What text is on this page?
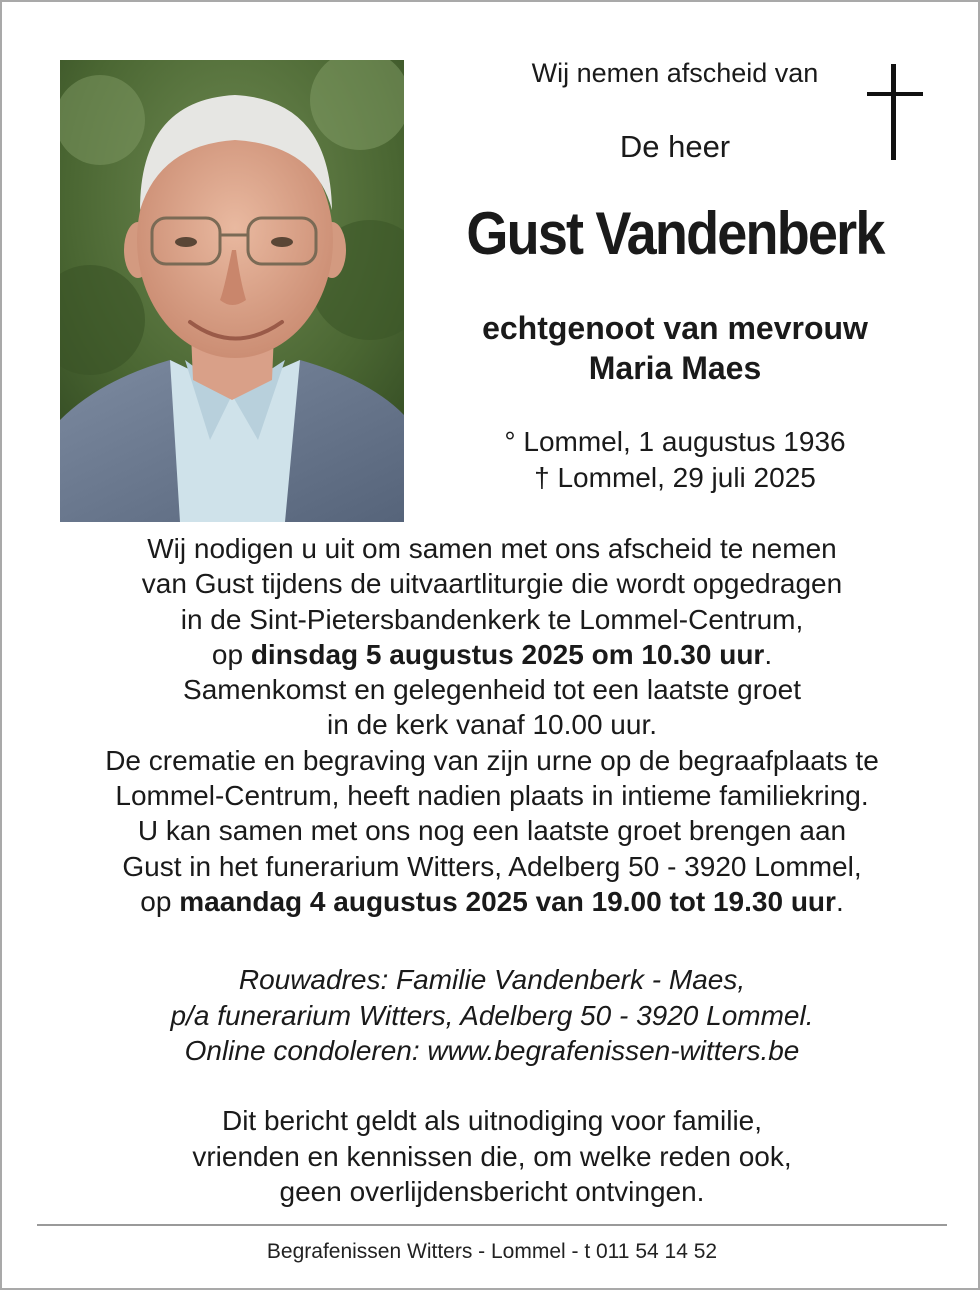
Wij nemen afscheid van
De heer
Gust Vandenberk
echtgenoot van mevrouw
Maria Maes
° Lommel, 1 augustus 1936
† Lommel, 29 juli 2025
Wij nodigen u uit om samen met ons afscheid te nemen
van Gust tijdens de uitvaartliturgie die wordt opgedragen
in de Sint-Pietersbandenkerk te Lommel-Centrum,
op dinsdag 5 augustus 2025 om 10.30 uur.
Samenkomst en gelegenheid tot een laatste groet
in de kerk vanaf 10.00 uur.
De crematie en begraving van zijn urne op de begraafplaats te
Lommel-Centrum, heeft nadien plaats in intieme familiekring.
U kan samen met ons nog een laatste groet brengen aan
Gust in het funerarium Witters, Adelberg 50 - 3920 Lommel,
op maandag 4 augustus 2025 van 19.00 tot 19.30 uur.
Rouwadres: Familie Vandenberk - Maes,
p/a funerarium Witters, Adelberg 50 - 3920 Lommel.
Online condoleren: www.begrafenissen-witters.be
Dit bericht geldt als uitnodiging voor familie,
vrienden en kennissen die, om welke reden ook,
geen overlijdensbericht ontvingen.
Begrafenissen Witters - Lommel - t 011 54 14 52
